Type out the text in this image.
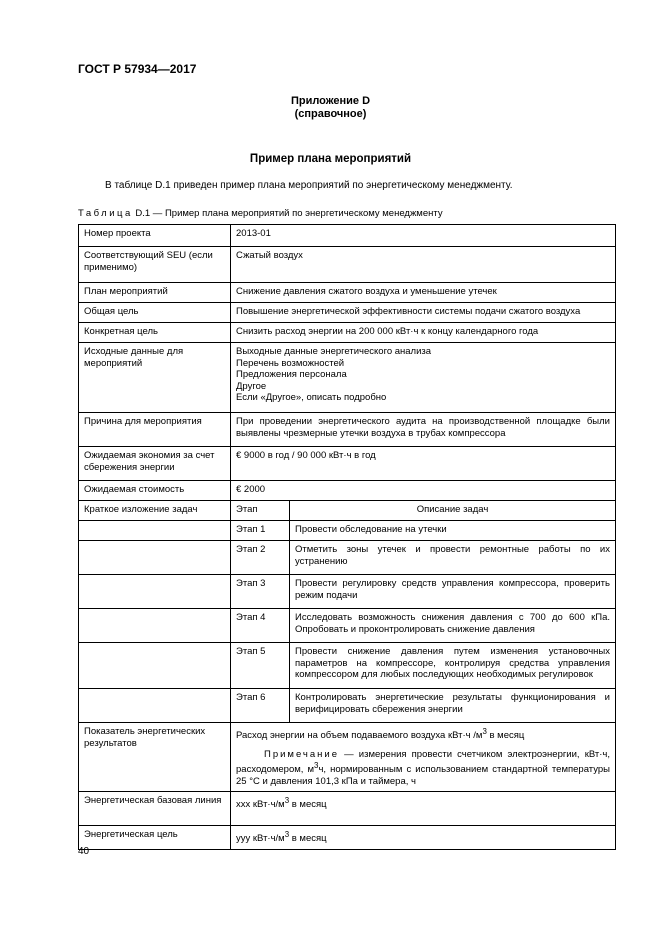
ГОСТ Р 57934—2017
Приложение D
(справочное)
Пример плана мероприятий
В таблице D.1 приведен пример плана мероприятий по энергетическому менеджменту.
Таблица D.1 — Пример плана мероприятий по энергетическому менеджменту
Номер проекта	2013-01	
Соответствующий SEU (если применимо)	Сжатый воздух	
План мероприятий	Снижение давления сжатого воздуха и уменьшение утечек	
Общая цель	Повышение энергетической эффективности системы подачи сжатого воздуха	
Конкретная цель	Снизить расход энергии на 200 000 кВт·ч к концу календарного года	
Исходные данные для мероприятий	Выходные данные энергетического анализа
Перечень возможностей
Предложения персонала
Другое
Если «Другое», описать подробно	

Причина для мероприятия	При проведении энергетического аудита на производственной площадке были выявлены чрезмерные утечки воздуха в трубах компрессора	
Ожидаемая экономия за счет сбережения энергии	€ 9000 в год / 90 000 кВт·ч в год	
Ожидаемая стоимость	€ 2000	
Краткое изложение задач	Этап	Описание задач
	Этап 1	Провести обследование на утечки
	Этап 2	Отметить зоны утечек и провести ремонтные работы по их устранению
	Этап 3	Провести регулировку средств управления компрессора, проверить режим подачи
	Этап 4	Исследовать возможность снижения давления с 700 до 600 кПа. Опробовать и проконтролировать снижение давления
	Этап 5	Провести снижение давления путем изменения установочных параметров на компрессоре, контролируя средства управления компрессором для любых последующих необходимых регулировок
	Этап 6	Контролировать энергетические результаты функционирования и верифицировать сбережения энергии
Показатель энергетических результатов	Расход энергии на объем подаваемого воздуха кВт·ч $/м^3$ в месяц
Примечание — измерения провести счетчиком электроэнергии, кВт·ч, расходомером, $м^3ч$, нормированным с использованием стандартной температуры 25 °С и давления 101,3 кПа и таймера, ч	

Энергетическая базовая линия	ххх $кВт\cdot ч/м^3$ в месяц	
Энергетическая цель	ууу $кВт\cdot ч/м^3$ в месяц	
40
